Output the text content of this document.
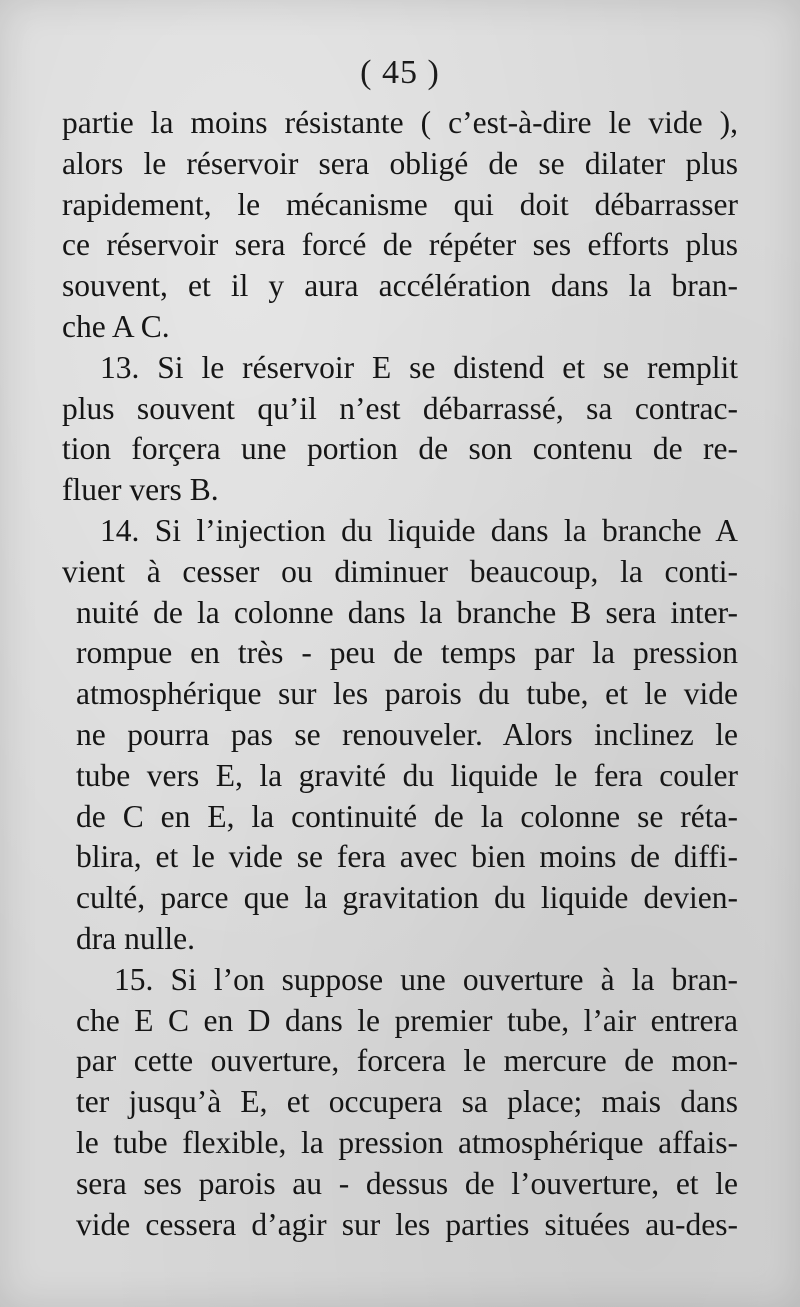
( 45 )
partie la moins résistante ( c’est-à-dire le vide ),
alors le réservoir sera obligé de se dilater plus
rapidement, le mécanisme qui doit débarrasser
ce réservoir sera forcé de répéter ses efforts plus
souvent, et il y aura accélération dans la bran-
che A C.
13. Si le réservoir E se distend et se remplit
plus souvent qu’il n’est débarrassé, sa contrac-
tion forçera une portion de son contenu de re-
fluer vers B.
14. Si l’injection du liquide dans la branche A
vient à cesser ou diminuer beaucoup, la conti-
nuité de la colonne dans la branche B sera inter-
rompue en très - peu de temps par la pression
atmosphérique sur les parois du tube, et le vide
ne pourra pas se renouveler. Alors inclinez le
tube vers E, la gravité du liquide le fera couler
de C en E, la continuité de la colonne se réta-
blira, et le vide se fera avec bien moins de diffi-
culté, parce que la gravitation du liquide devien-
dra nulle.
15. Si l’on suppose une ouverture à la bran-
che E C en D dans le premier tube, l’air entrera
par cette ouverture, forcera le mercure de mon-
ter jusqu’à E, et occupera sa place; mais dans
le tube flexible, la pression atmosphérique affais-
sera ses parois au - dessus de l’ouverture, et le
vide cessera d’agir sur les parties situées au-des-
